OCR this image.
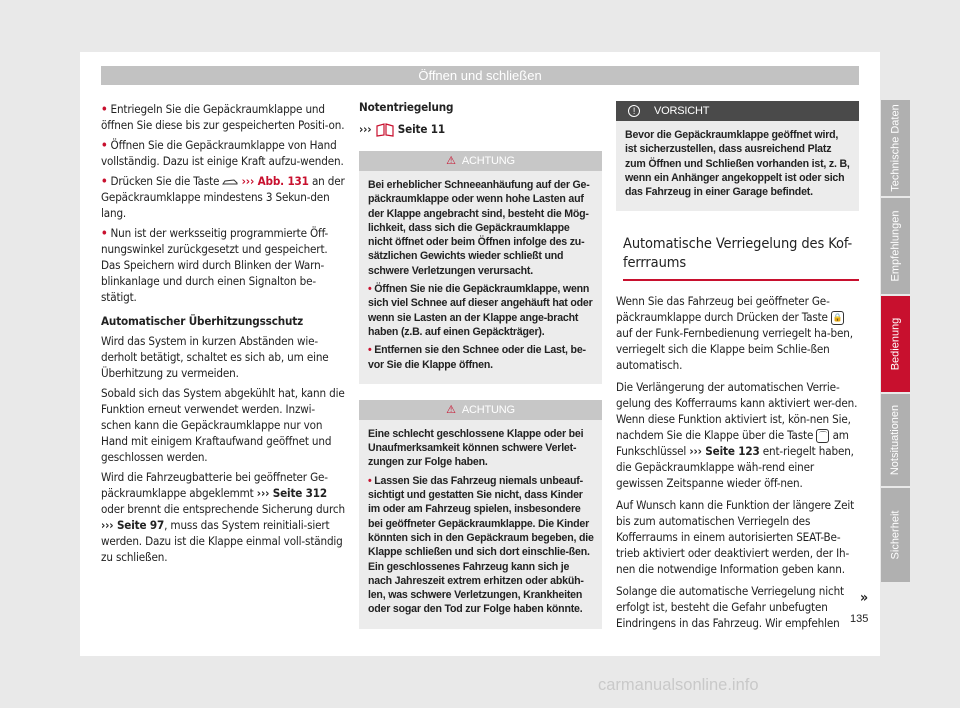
Öffnen und schließen

• Entriegeln Sie die Gepäckraumklappe und öffnen Sie diese bis zur gespeicherten Positi-on.

• Öffnen Sie die Gepäckraumklappe von Hand vollständig. Dazu ist einige Kraft aufzu-wenden.

• Drücken Sie die Taste ››› Abb. 131 an der Gepäckraumklappe mindestens 3 Sekun-den lang.

• Nun ist der werksseitig programmierte Öff-nungswinkel zurückgesetzt und gespeichert. Das Speichern wird durch Blinken der Warn-blinkanlage und durch einen Signalton be-stätigt.

Automatischer Überhitzungsschutz

Wird das System in kurzen Abständen wie-derholt betätigt, schaltet es sich ab, um eine Überhitzung zu vermeiden.

Sobald sich das System abgekühlt hat, kann die Funktion erneut verwendet werden. Inzwi-schen kann die Gepäckraumklappe nur von Hand mit einigem Kraftaufwand geöffnet und geschlossen werden.

Wird die Fahrzeugbatterie bei geöffneter Ge-päckraumklappe abgeklemmt ››› Seite 312 oder brennt die entsprechende Sicherung durch ››› Seite 97, muss das System reinitiali-siert werden. Dazu ist die Klappe einmal voll-ständig zu schließen.

Notentriegelung

››› Seite 11

⚠ ACHTUNG

Bei erheblicher Schneeanhäufung auf der Ge-päckraumklappe oder wenn hohe Lasten auf der Klappe angebracht sind, besteht die Mög-lichkeit, dass sich die Gepäckraumklappe nicht öffnet oder beim Öffnen infolge des zu-sätzlichen Gewichts wieder schließt und schwere Verletzungen verursacht.

• Öffnen Sie nie die Gepäckraumklappe, wenn sich viel Schnee auf dieser angehäuft hat oder wenn sie Lasten an der Klappe ange-bracht haben (z.B. auf einen Gepäckträger).

• Entfernen sie den Schnee oder die Last, be-vor Sie die Klappe öffnen.

⚠ ACHTUNG

Eine schlecht geschlossene Klappe oder bei Unaufmerksamkeit können schwere Verlet-zungen zur Folge haben.

• Lassen Sie das Fahrzeug niemals unbeauf-sichtigt und gestatten Sie nicht, dass Kinder im oder am Fahrzeug spielen, insbesondere bei geöffneter Gepäckraumklappe. Die Kinder könnten sich in den Gepäckraum begeben, die Klappe schließen und sich dort einschlie-ßen. Ein geschlossenes Fahrzeug kann sich je nach Jahreszeit extrem erhitzen oder abküh-len, was schwere Verletzungen, Krankheiten oder sogar den Tod zur Folge haben könnte.

! VORSICHT

Bevor die Gepäckraumklappe geöffnet wird, ist sicherzustellen, dass ausreichend Platz zum Öffnen und Schließen vorhanden ist, z. B, wenn ein Anhänger angekoppelt ist oder sich das Fahrzeug in einer Garage befindet.

Automatische Verriegelung des Kof-ferrraums

Wenn Sie das Fahrzeug bei geöffneter Ge-päckraumklappe durch Drücken der Taste 🔒 auf der Funk-Fernbedienung verriegelt ha-ben, verriegelt sich die Klappe beim Schlie-ßen automatisch.

Die Verlängerung der automatischen Verrie-gelung des Kofferraums kann aktiviert wer-den. Wenn diese Funktion aktiviert ist, kön-nen Sie, nachdem Sie die Klappe über die Taste ⌒ am Funkschlüssel ››› Seite 123 ent-riegelt haben, die Gepäckraumklappe wäh-rend einer gewissen Zeitspanne wieder öff-nen.

Auf Wunsch kann die Funktion der längere Zeit bis zum automatischen Verriegeln des Kofferraums in einem autorisierten SEAT-Be-trieb aktiviert oder deaktiviert werden, der Ih-nen die notwendige Information geben kann.

Solange die automatische Verriegelung nicht erfolgt ist, besteht die Gefahr unbefugten Eindringens in das Fahrzeug. Wir empfehlen

»
Technische Daten
Empfehlungen
Bedienung
Notsituationen
Sicherheit
135
carmanualsonline.info
